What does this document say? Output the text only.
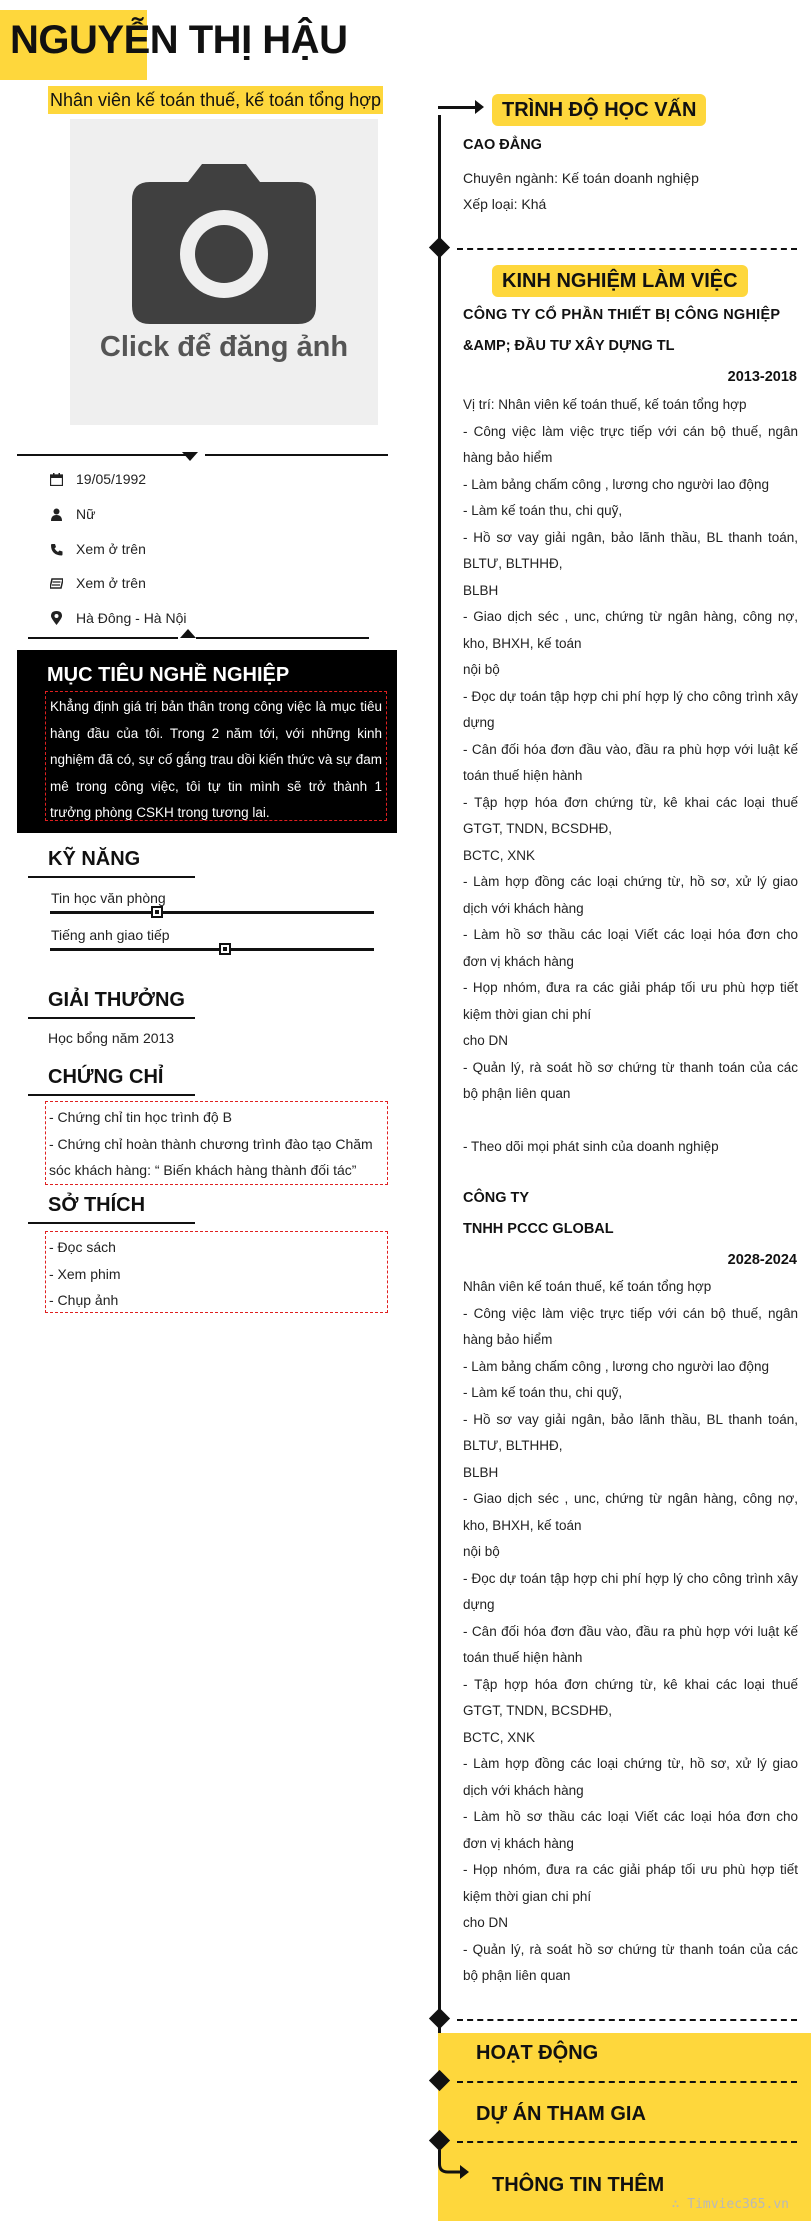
NGUYỄN THỊ HẬU
Nhân viên kế toán thuế, kế toán tổng hợp
Click để đăng ảnh
19/05/1992
Nữ
Xem ở trên
Xem ở trên
Hà Đông - Hà Nội
MỤC TIÊU NGHỀ NGHIỆP
Khẳng định giá trị bản thân trong công việc là mục tiêu hàng đầu của tôi. Trong 2 năm tới, với những kinh nghiệm đã có, sự cố gắng trau dồi kiến thức và sự đam mê trong công việc, tôi tự tin mình sẽ trở thành 1 trưởng phòng CSKH trong tương lai.
KỸ NĂNG
Tin học văn phòng
Tiếng anh giao tiếp
GIẢI THƯỞNG
Học bổng năm 2013
CHỨNG CHỈ
- Chứng chỉ tin học trình độ B
- Chứng chỉ hoàn thành chương trình đào tạo Chăm sóc khách hàng: “ Biến khách hàng thành đối tác”
SỞ THÍCH
- Đọc sách
- Xem phim
- Chụp ảnh
TRÌNH ĐỘ HỌC VẤN
CAO ĐẲNG
Chuyên ngành: Kế toán doanh nghiệp
Xếp loại: Khá
KINH NGHIỆM LÀM VIỆC
CÔNG TY CỔ PHẦN THIẾT BỊ CÔNG NGHIỆP
&AMP; ĐẦU TƯ XÂY DỰNG TL
2013-2018

Vị trí: Nhân viên kế toán thuế, kế toán tổng hợp

- Công việc làm việc trực tiếp với cán bộ thuế, ngân hàng bảo hiểm

- Làm bảng chấm công , lương cho người lao động

- Làm kế toán thu, chi quỹ,

- Hồ sơ vay giải ngân, bảo lãnh thầu, BL thanh toán, BLTƯ, BLTHHĐ,

BLBH

- Giao dịch séc , unc, chứng từ ngân hàng, công nợ, kho, BHXH, kế toán

nội bộ

- Đọc dự toán tập hợp chi phí hợp lý cho công trình xây dựng

- Cân đối hóa đơn đầu vào, đầu ra phù hợp với luật kế toán thuế hiện hành

- Tập hợp hóa đơn chứng từ, kê khai các loại thuế GTGT, TNDN, BCSDHĐ,

BCTC, XNK

- Làm hợp đồng các loại chứng từ, hồ sơ, xử lý giao dịch với khách hàng

- Làm hồ sơ thầu các loại Viết các loại hóa đơn cho đơn vị khách hàng

- Họp nhóm, đưa ra các giải pháp tối ưu phù hợp tiết kiệm thời gian chi phí

cho DN

- Quản lý, rà soát hồ sơ chứng từ thanh toán của các bộ phận liên quan

- Theo dõi mọi phát sinh của doanh nghiệp

CÔNG TY
TNHH PCCC GLOBAL
2028-2024

Nhân viên kế toán thuế, kế toán tổng hợp

- Công việc làm việc trực tiếp với cán bộ thuế, ngân hàng bảo hiểm

- Làm bảng chấm công , lương cho người lao động

- Làm kế toán thu, chi quỹ,

- Hồ sơ vay giải ngân, bảo lãnh thầu, BL thanh toán, BLTƯ, BLTHHĐ,

BLBH

- Giao dịch séc , unc, chứng từ ngân hàng, công nợ, kho, BHXH, kế toán

nội bộ

- Đọc dự toán tập hợp chi phí hợp lý cho công trình xây dựng

- Cân đối hóa đơn đầu vào, đầu ra phù hợp với luật kế toán thuế hiện hành

- Tập hợp hóa đơn chứng từ, kê khai các loại thuế GTGT, TNDN, BCSDHĐ,

BCTC, XNK

- Làm hợp đồng các loại chứng từ, hồ sơ, xử lý giao dịch với khách hàng

- Làm hồ sơ thầu các loại Viết các loại hóa đơn cho đơn vị khách hàng

- Họp nhóm, đưa ra các giải pháp tối ưu phù hợp tiết kiệm thời gian chi phí

cho DN

- Quản lý, rà soát hồ sơ chứng từ thanh toán của các bộ phận liên quan

HOẠT ĐỘNG
DỰ ÁN THAM GIA
THÔNG TIN THÊM
∴ Timviec365.vn
